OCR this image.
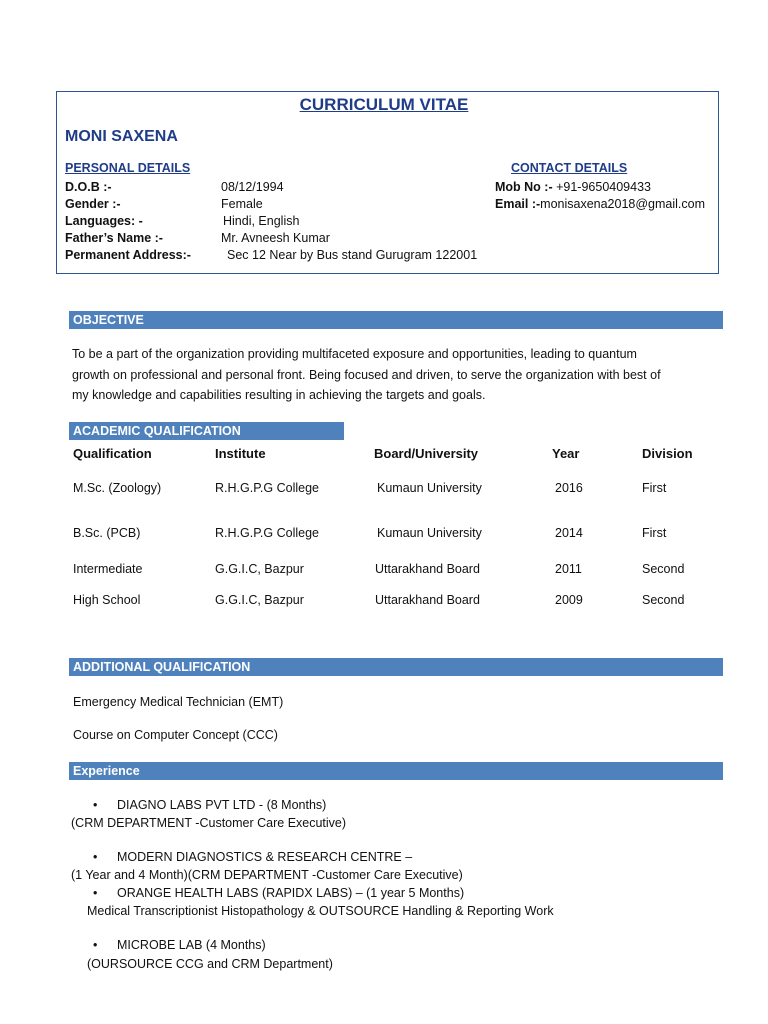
CURRICULUM VITAE
MONI SAXENA
PERSONAL DETAILS	CONTACT DETAILS
D.O.B :-	08/12/1994
Gender :-	Female
Languages: -	Hindi, English
Father’s Name :-	Mr. Avneesh Kumar
Permanent Address:-	Sec 12 Near by Bus stand Gurugram 122001
Mob No :- +91-9650409433
Email :-monisaxena2018@gmail.com
OBJECTIVE
To be a part of the organization providing multifaceted exposure and opportunities, leading to quantum
growth on professional and personal front. Being focused and driven, to serve the organization with best of
my knowledge and capabilities resulting in achieving the targets and goals.
ACADEMIC QUALIFICATION
Qualification	Institute	Board/University	Year	Division
M.Sc. (Zoology)	R.H.G.P.G College	Kumaun University	2016	First
B.Sc. (PCB)	R.H.G.P.G College	Kumaun University	2014	First
Intermediate	G.G.I.C, Bazpur	Uttarakhand Board	2011	Second
High School	G.G.I.C, Bazpur	Uttarakhand Board	2009	Second
ADDITIONAL QUALIFICATION
Emergency Medical Technician (EMT)
Course on Computer Concept (CCC)
Experience
• DIAGNO LABS PVT LTD - (8 Months)
(CRM DEPARTMENT -Customer Care Executive)
• MODERN DIAGNOSTICS & RESEARCH CENTRE –
(1 Year and 4 Month)(CRM DEPARTMENT -Customer Care Executive)
• ORANGE HEALTH LABS (RAPIDX LABS) – (1 year 5 Months)
Medical Transcriptionist Histopathology & OUTSOURCE Handling & Reporting Work
• MICROBE LAB (4 Months)
(OURSOURCE CCG and CRM Department)
